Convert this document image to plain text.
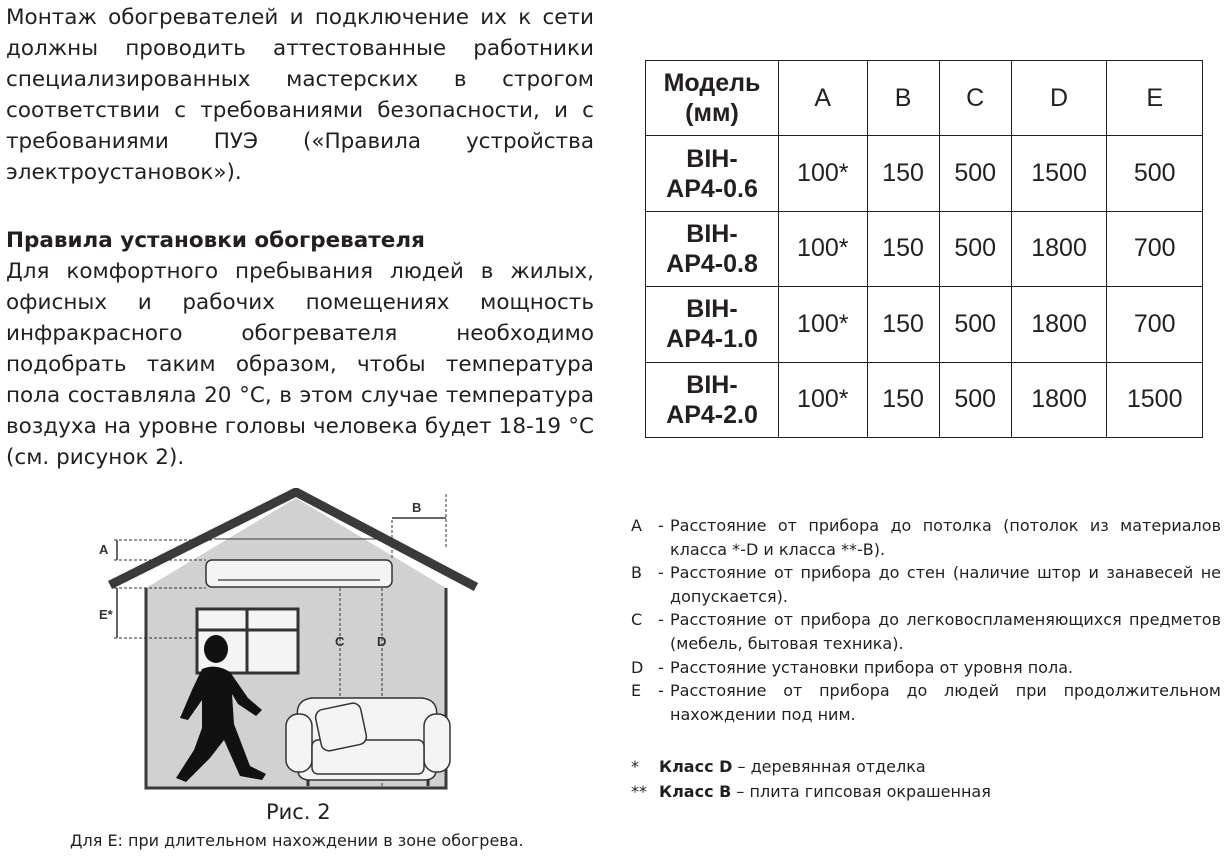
Монтаж обогревателей и подключение их к сети должны проводить аттестованные работники специализированных мастерских в строгом соответствии с требованиями безопасности, и с требованиями ПУЭ («Правила устройства электроустановок»).

Правила установки обогревателя

Для комфортного пребывания людей в жилых, офисных и рабочих помещениях мощность инфракрасного обогревателя необходимо подобрать таким образом, чтобы температура пола составляла 20 °С, в этом случае температура воздуха на уровне головы человека будет 18-19 °С (см. рисунок 2).

Модель
(мм)	A	B	C	D	E

BIH-
AP4-0.6	100*	150	500	1500	500

BIH-
AP4-0.8	100*	150	500	1800	700

BIH-
AP4-1.0	100*	150	500	1800	700

BIH-
AP4-2.0	100*	150	500	1800	1500
A
E*
B
C	D
Рис. 2
Для E: при длительном нахождении в зоне обогрева.
A	- Расстояние от прибора до потолка (потолок из материалов класса *-D и класса **-B).
B	- Расстояние от прибора до стен (наличие штор и занавесей не допускается).
C - Расстояние от прибора до легковоспламеняющихся предметов (мебель, бытовая техника).
D - Расстояние установки прибора от уровня пола.
E	- Расстояние от прибора до людей при продолжительном нахождении под ним.
*	Класс D – деревянная отделка
** Класс B – плита гипсовая окрашенная
